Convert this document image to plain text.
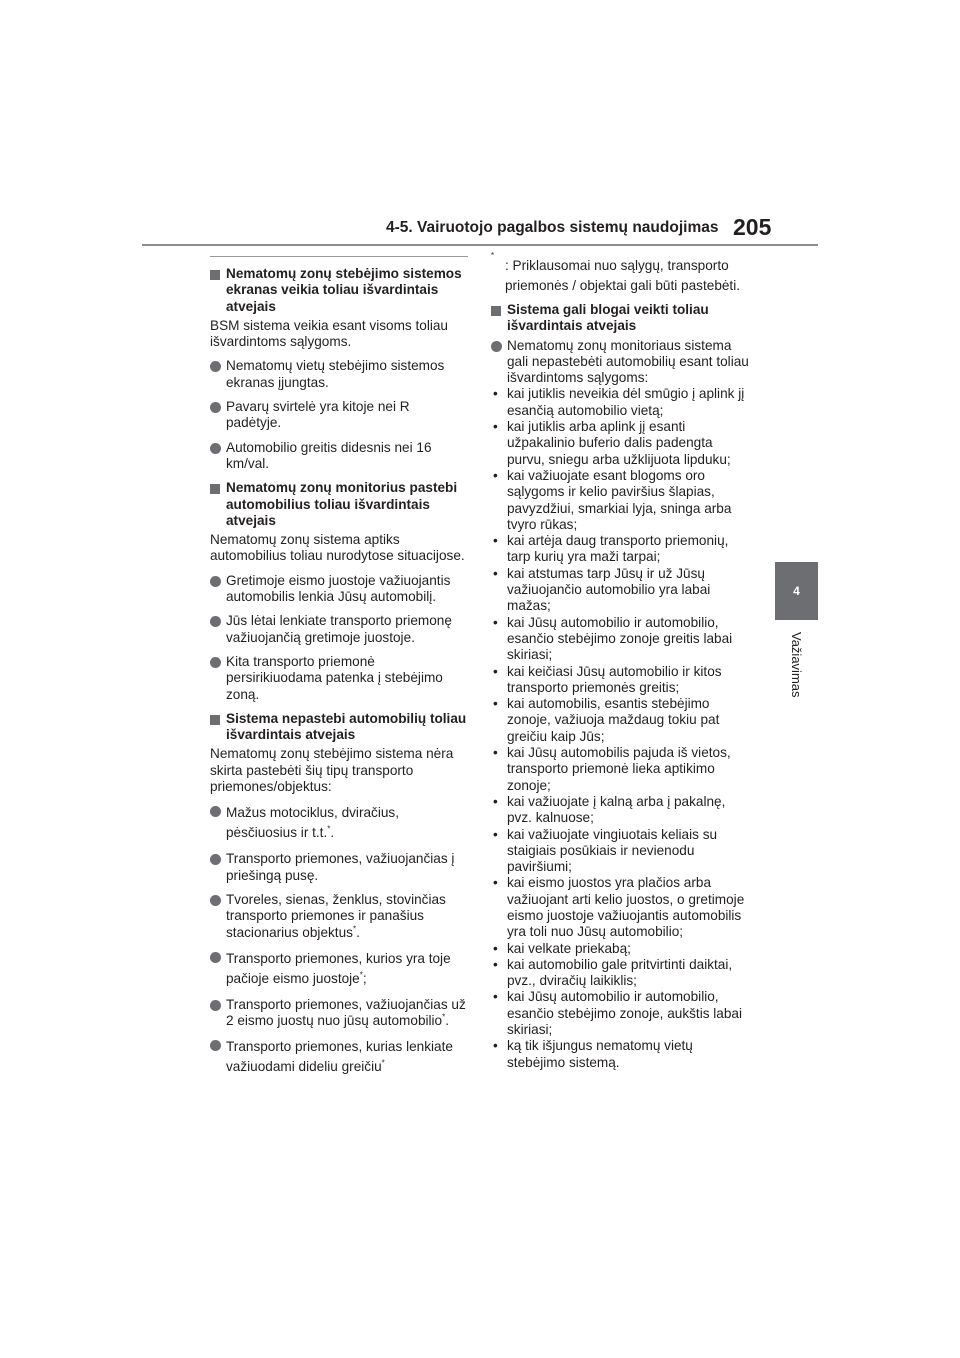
4-5. Vairuotojo pagalbos sistemų naudojimas 205
4
Važiavimas
Nematomų zonų stebėjimo sistemos ekranas veikia toliau išvardintais atvejais
BSM sistema veikia esant visoms toliau išvardintoms sąlygoms.
Nematomų vietų stebėjimo sistemos ekranas įjungtas.
Pavarų svirtelė yra kitoje nei R padėtyje.
Automobilio greitis didesnis nei 16 km/val.
Nematomų zonų monitorius pastebi automobilius toliau išvardintais atvejais
Nematomų zonų sistema aptiks automobilius toliau nurodytose situacijose.
Gretimoje eismo juostoje važiuojantis automobilis lenkia Jūsų automobilį.
Jūs lėtai lenkiate transporto priemonę važiuojančią gretimoje juostoje.
Kita transporto priemonė persirikiuodama patenka į stebėjimo zoną.
Sistema nepastebi automobilių toliau išvardintais atvejais
Nematomų zonų stebėjimo sistema nėra skirta pastebėti šių tipų transporto priemones/objektus:
Mažus motociklus, dviračius, pėsčiuosius ir t.t.*.
Transporto priemones, važiuojančias į priešingą pusę.
Tvoreles, sienas, ženklus, stovinčias transporto priemones ir panašius stacionarius objektus*.
Transporto priemones, kurios yra toje pačioje eismo juostoje*;
Transporto priemones, važiuojančias už 2 eismo juostų nuo jūsų automobilio*.
Transporto priemones, kurias lenkiate važiuodami dideliu greičiu*
*
: Priklausomai nuo sąlygų, transporto priemonės / objektai gali būti pastebėti.
Sistema gali blogai veikti toliau išvardintais atvejais
Nematomų zonų monitoriaus sistema gali nepastebėti automobilių esant toliau išvardintoms sąlygoms:
• kai jutiklis neveikia dėl smūgio į aplink jį esančią automobilio vietą;
• kai jutiklis arba aplink jį esanti užpakalinio buferio dalis padengta purvu, sniegu arba užklijuota lipduku;
• kai važiuojate esant blogoms oro sąlygoms ir kelio paviršius šlapias, pavyzdžiui, smarkiai lyja, sninga arba tvyro rūkas;
• kai artėja daug transporto priemonių, tarp kurių yra maži tarpai;
• kai atstumas tarp Jūsų ir už Jūsų važiuojančio automobilio yra labai mažas;
• kai Jūsų automobilio ir automobilio, esančio stebėjimo zonoje greitis labai skiriasi;
• kai keičiasi Jūsų automobilio ir kitos transporto priemonės greitis;
• kai automobilis, esantis stebėjimo zonoje, važiuoja maždaug tokiu pat greičiu kaip Jūs;
• kai Jūsų automobilis pajuda iš vietos, transporto priemonė lieka aptikimo zonoje;
• kai važiuojate į kalną arba į pakalnę, pvz. kalnuose;
• kai važiuojate vingiuotais keliais su staigiais posūkiais ir nevienodu paviršiumi;
• kai eismo juostos yra plačios arba važiuojant arti kelio juostos, o gretimoje eismo juostoje važiuojantis automobilis yra toli nuo Jūsų automobilio;
• kai velkate priekabą;
• kai automobilio gale pritvirtinti daiktai, pvz., dviračių laikiklis;
• kai Jūsų automobilio ir automobilio, esančio stebėjimo zonoje, aukštis labai skiriasi;
• ką tik išjungus nematomų vietų stebėjimo sistemą.
